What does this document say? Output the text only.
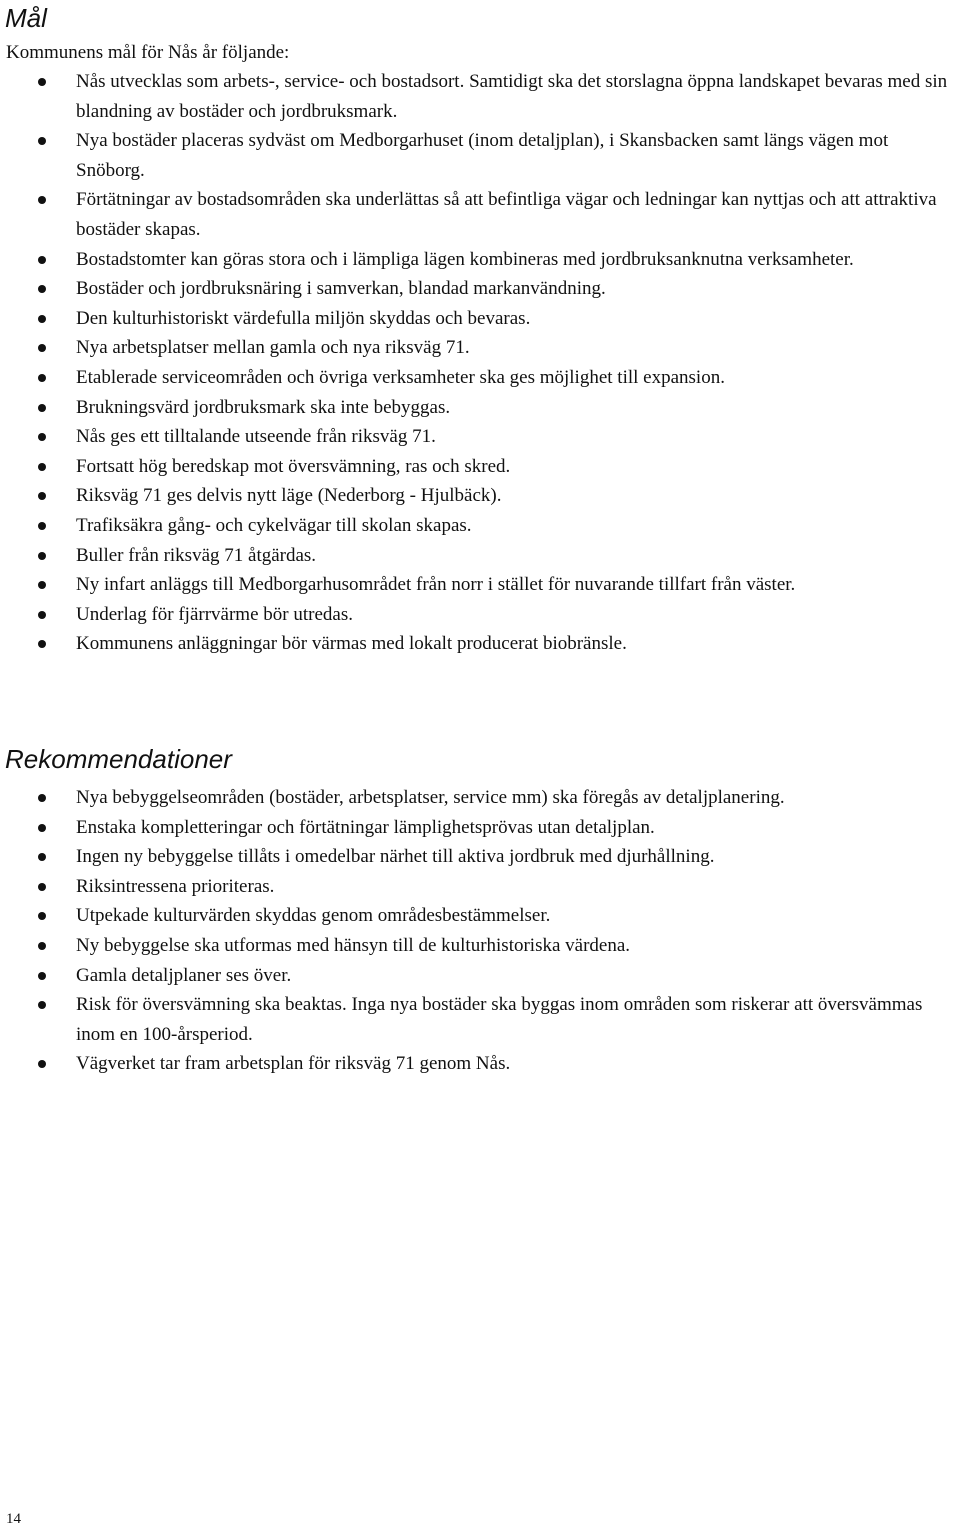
Mål

Kommunens mål för Nås år följande:

Nås utvecklas som arbets-, service- och bostadsort. Samtidigt ska det storslagna öppna landskapet bevaras med sin blandning av bostäder och jordbruksmark.
Nya bostäder placeras sydväst om Medborgarhuset (inom detaljplan), i Skansbacken samt längs vägen mot Snöborg.
Förtätningar av bostadsområden ska underlättas så att befintliga vägar och ledningar kan nyttjas och att attraktiva bostäder skapas.
Bostadstomter kan göras stora och i lämpliga lägen kombineras med jordbruksanknutna verksamheter.
Bostäder och jordbruksnäring i samverkan, blandad markanvändning.
Den kulturhistoriskt värdefulla miljön skyddas och bevaras.
Nya arbetsplatser mellan gamla och nya riksväg 71.
Etablerade serviceområden och övriga verksamheter ska ges möjlighet till expansion.
Brukningsvärd jordbruksmark ska inte bebyggas.
Nås ges ett tilltalande utseende från riksväg 71.
Fortsatt hög beredskap mot översvämning, ras och skred.
Riksväg 71 ges delvis nytt läge (Nederborg - Hjulbäck).
Trafiksäkra gång- och cykelvägar till skolan skapas.
Buller från riksväg 71 åtgärdas.
Ny infart anläggs till Medborgarhusområdet från norr i stället för nuvarande tillfart från väster.
Underlag för fjärrvärme bör utredas.
Kommunens anläggningar bör värmas med lokalt producerat biobränsle.
Rekommendationer
Nya bebyggelseområden (bostäder, arbetsplatser, service mm) ska föregås av detaljplanering.
Enstaka kompletteringar och förtätningar lämplighetsprövas utan detaljplan.
Ingen ny bebyggelse tillåts i omedelbar närhet till aktiva jordbruk med djurhållning.
Riksintressena prioriteras.
Utpekade kulturvärden skyddas genom områdesbestämmelser.
Ny bebyggelse ska utformas med hänsyn till de kulturhistoriska värdena.
Gamla detaljplaner ses över.
Risk för översvämning ska beaktas. Inga nya bostäder ska byggas inom områden som riskerar att översvämmas inom en 100-årsperiod.
Vägverket tar fram arbetsplan för riksväg 71 genom Nås.

14
